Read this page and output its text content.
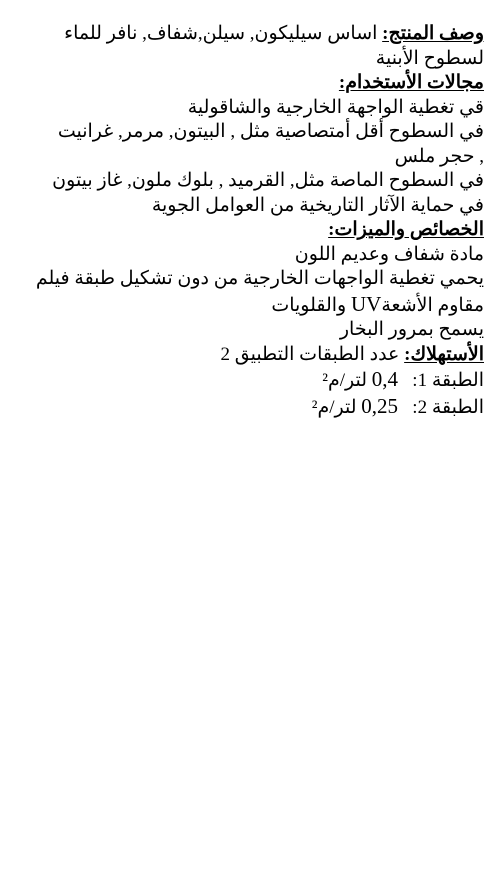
وصف المنتج: اساس سيليكون, سيلن,شفاف, نافر للماء
لسطوح الأبنية
مجالات الأستخدام:
قي تغطية الواجهة الخارجية والشاقولية
في السطوح أقل أمتصاصية مثل , البيتون, مرمر, غرانيت
, حجر ملس
في السطوح الماصة مثل, القرميد , بلوك ملون, غاز بيتون
في حماية الآثار التاريخية من العوامل الجوية
الخصائص والميزات:
مادة شفاف وعديم اللون
يحمي تغطية الواجهات الخارجية من دون تشكيل طبقة فيلم
مقاوم الأشعةUV والقلويات
يسمح بمرور البخار
الأستهلاك: عدد الطبقات التطبيق 2
الطبقة 1:   0,4 لتر/م²
الطبقة 2:   0,25 لتر/م²
